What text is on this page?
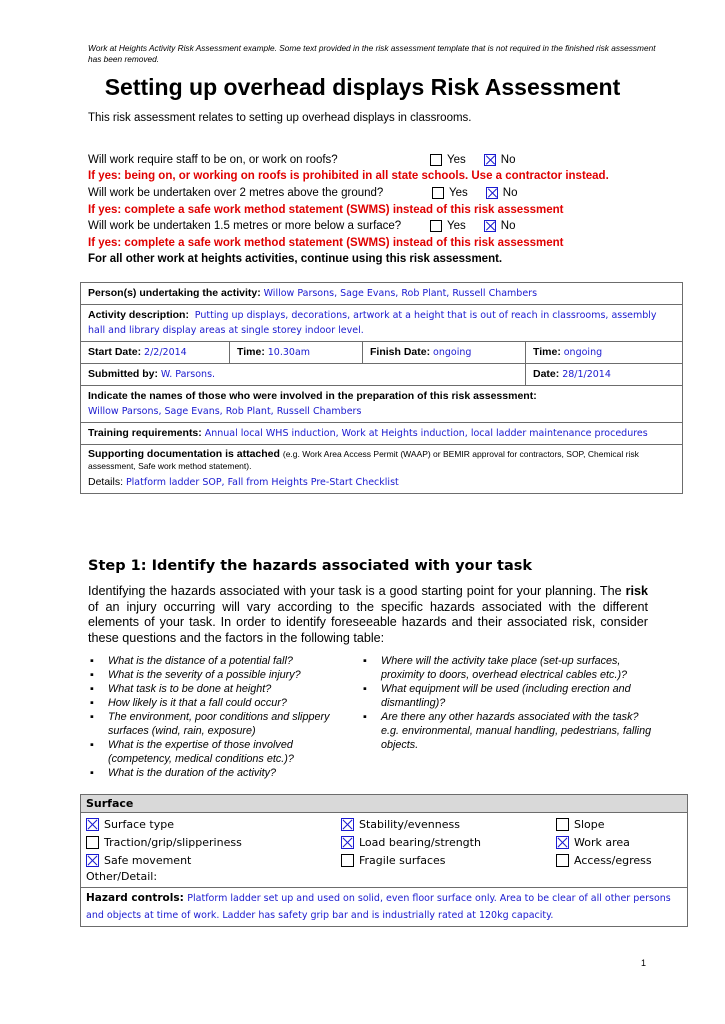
Work at Heights Activity Risk Assessment example. Some text provided in the risk assessment template that is not required in the finished risk assessment has been removed.
Setting up overhead displays Risk Assessment
This risk assessment relates to setting up overhead displays in classrooms.
Will work require staff to be on, or work on roofs?	Yes	No
If yes: being on, or working on roofs is prohibited in all state schools. Use a contractor instead.
Will work be undertaken over 2 metres above the ground?	Yes	No
If yes: complete a safe work method statement (SWMS) instead of this risk assessment
Will work be undertaken 1.5 metres or more below a surface?	Yes	No
If yes: complete a safe work method statement (SWMS) instead of this risk assessment
For all other work at heights activities, continue using this risk assessment.
Person(s) undertaking the activity: Willow Parsons, Sage Evans, Rob Plant, Russell Chambers			
Activity description: Putting up displays, decorations, artwork at a height that is out of reach in classrooms, assembly hall and library display areas at single storey indoor level.			
Start Date: 2/2/2014	Time: 10.30am	Finish Date: ongoing	Time: ongoing
Submitted by: W. Parsons.			Date: 28/1/2014

Indicate the names of those who were involved in the preparation of this risk assessment:
Willow Parsons, Sage Evans, Rob Plant, Russell Chambers			

Training requirements: Annual local WHS induction, Work at Heights induction, local ladder maintenance procedures			

Supporting documentation is attached (e.g. Work Area Access Permit (WAAP) or BEMIR approval for contractors, SOP, Chemical risk assessment, Safe work method statement).
Details: Platform ladder SOP, Fall from Heights Pre-Start Checklist			
Step 1: Identify the hazards associated with your task
Identifying the hazards associated with your task is a good starting point for your planning. The risk of an injury occurring will vary according to the specific hazards associated with the different elements of your task. In order to identify foreseeable hazards and their associated risk, consider these questions and the factors in the following table:
▪ What is the distance of a potential fall?
▪ What is the severity of a possible injury?
▪ What task is to be done at height?
▪ How likely is it that a fall could occur?
▪ The environment, poor conditions and slippery surfaces (wind, rain, exposure)
▪ What is the expertise of those involved (competency, medical conditions etc.)?
▪ What is the duration of the activity?
▪ Where will the activity take place (set-up surfaces, proximity to doors, overhead electrical cables etc.)?
▪ What equipment will be used (including erection and dismantling)?
▪ Are there any other hazards associated with the task? e.g. environmental, manual handling, pedestrians, falling objects.
Surface

Surface type	Stability/evenness	Slope
Traction/grip/slipperiness	Load bearing/strength	Work area
Safe movement	Fragile surfaces	Access/egress
Other/Detail:

Hazard controls: Platform ladder set up and used on solid, even floor surface only. Area to be clear of all other persons and objects at time of work. Ladder has safety grip bar and is industrially rated at 120kg capacity.
1
